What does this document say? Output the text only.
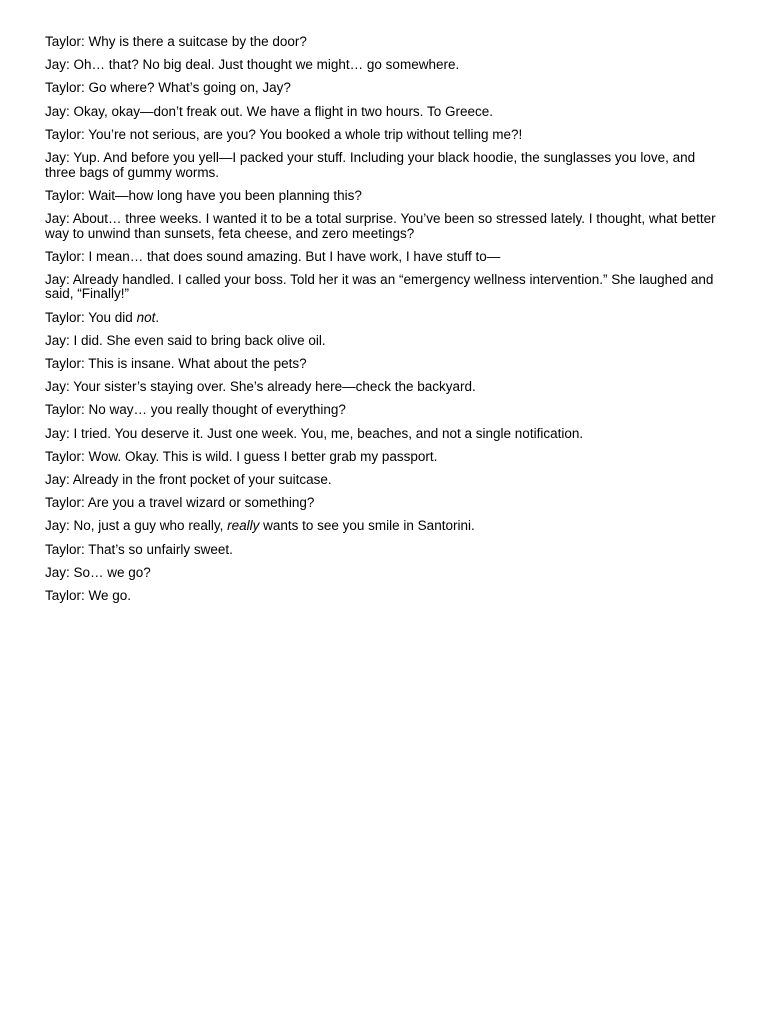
Taylor: Why is there a suitcase by the door?

Jay: Oh… that? No big deal. Just thought we might… go somewhere.

Taylor: Go where? What’s going on, Jay?

Jay: Okay, okay—don’t freak out. We have a flight in two hours. To Greece.

Taylor: You’re not serious, are you? You booked a whole trip without telling me?!

Jay: Yup. And before you yell—I packed your stuff. Including your black hoodie, the sunglasses you love, and three bags of gummy worms.

Taylor: Wait—how long have you been planning this?

Jay: About… three weeks. I wanted it to be a total surprise. You’ve been so stressed lately. I thought, what better way to unwind than sunsets, feta cheese, and zero meetings?

Taylor: I mean… that does sound amazing. But I have work, I have stuff to—

Jay: Already handled. I called your boss. Told her it was an “emergency wellness intervention.” She laughed and said, “Finally!”

Taylor: You did not.

Jay: I did. She even said to bring back olive oil.

Taylor: This is insane. What about the pets?

Jay: Your sister’s staying over. She’s already here—check the backyard.

Taylor: No way… you really thought of everything?

Jay: I tried. You deserve it. Just one week. You, me, beaches, and not a single notification.

Taylor: Wow. Okay. This is wild. I guess I better grab my passport.

Jay: Already in the front pocket of your suitcase.

Taylor: Are you a travel wizard or something?

Jay: No, just a guy who really, really wants to see you smile in Santorini.

Taylor: That’s so unfairly sweet.

Jay: So… we go?

Taylor: We go.
